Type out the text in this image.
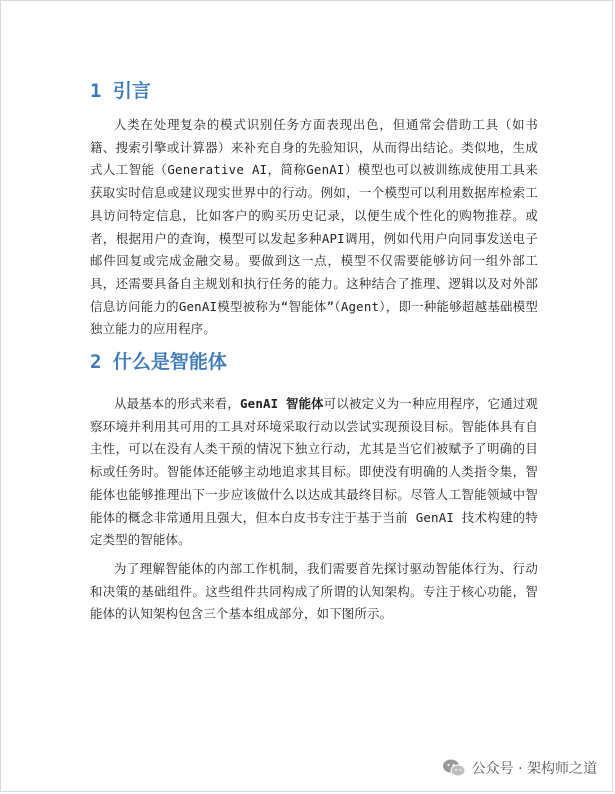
1 引言

人类在处理复杂的模式识别任务方面表现出色，但通常会借助工具（如书籍、搜索引擎或计算器）来补充自身的先验知识，从而得出结论。类似地，生成式人工智能（Generative AI，简称GenAI）模型也可以被训练成使用工具来获取实时信息或建议现实世界中的行动。例如，一个模型可以利用数据库检索工具访问特定信息，比如客户的购买历史记录，以便生成个性化的购物推荐。或者，根据用户的查询，模型可以发起多种API调用，例如代用户向同事发送电子邮件回复或完成金融交易。要做到这一点，模型不仅需要能够访问一组外部工具，还需要具备自主规划和执行任务的能力。这种结合了推理、逻辑以及对外部信息访问能力的GenAI模型被称为“智能体”（Agent），即一种能够超越基础模型独立能力的应用程序。

2 什么是智能体

从最基本的形式来看，GenAI 智能体可以被定义为一种应用程序，它通过观察环境并利用其可用的工具对环境采取行动以尝试实现预设目标。智能体具有自主性，可以在没有人类干预的情况下独立行动，尤其是当它们被赋予了明确的目标或任务时。智能体还能够主动地追求其目标。即使没有明确的人类指令集，智能体也能够推理出下一步应该做什么以达成其最终目标。尽管人工智能领域中智能体的概念非常通用且强大，但本白皮书专注于基于当前 GenAI 技术构建的特定类型的智能体。

为了理解智能体的内部工作机制，我们需要首先探讨驱动智能体行为、行动和决策的基础组件。这些组件共同构成了所谓的认知架构。专注于核心功能，智能体的认知架构包含三个基本组成部分，如下图所示。

公众号 · 架构师之道
